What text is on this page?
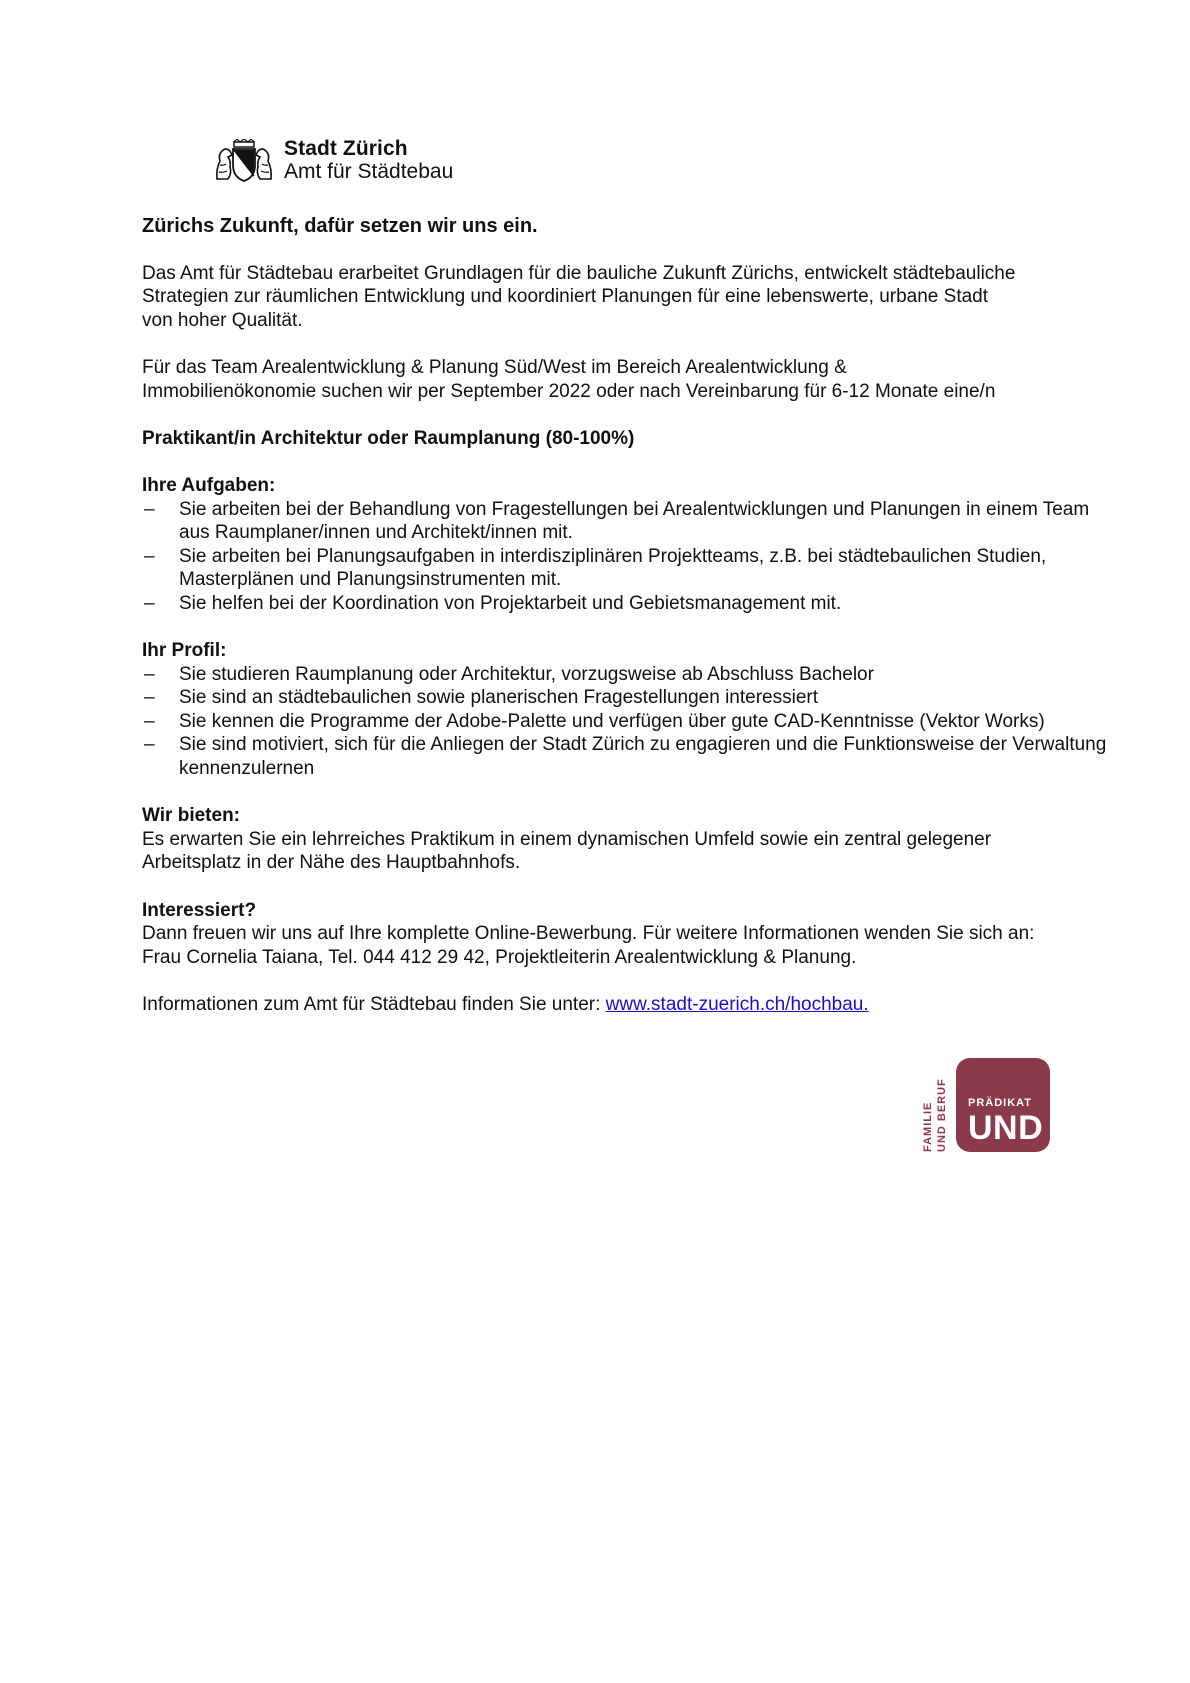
Stadt Zürich
Amt für Städtebau

Zürichs Zukunft, dafür setzen wir uns ein.

Das Amt für Städtebau erarbeitet Grundlagen für die bauliche Zukunft Zürichs, entwickelt städtebauliche

Strategien zur räumlichen Entwicklung und koordiniert Planungen für eine lebenswerte, urbane Stadt

von hoher Qualität.

Für das Team Arealentwicklung & Planung Süd/West im Bereich Arealentwicklung &

Immobilienökonomie suchen wir per September 2022 oder nach Vereinbarung für 6-12 Monate eine/n

Praktikant/in Architektur oder Raumplanung (80-100%)

Ihre Aufgaben:

– Sie arbeiten bei der Behandlung von Fragestellungen bei Arealentwicklungen und Planungen in einem Team aus Raumplaner/innen und Architekt/innen mit.
– Sie arbeiten bei Planungsaufgaben in interdisziplinären Projektteams, z.B. bei städtebaulichen Studien, Masterplänen und Planungsinstrumenten mit.
– Sie helfen bei der Koordination von Projektarbeit und Gebietsmanagement mit.

Ihr Profil:

– Sie studieren Raumplanung oder Architektur, vorzugsweise ab Abschluss Bachelor
– Sie sind an städtebaulichen sowie planerischen Fragestellungen interessiert
– Sie kennen die Programme der Adobe-Palette und verfügen über gute CAD-Kenntnisse (Vektor Works)
– Sie sind motiviert, sich für die Anliegen der Stadt Zürich zu engagieren und die Funktionsweise der Verwaltung kennenzulernen

Wir bieten:

Es erwarten Sie ein lehrreiches Praktikum in einem dynamischen Umfeld sowie ein zentral gelegener

Arbeitsplatz in der Nähe des Hauptbahnhofs.

Interessiert?

Dann freuen wir uns auf Ihre komplette Online-Bewerbung. Für weitere Informationen wenden Sie sich an:

Frau Cornelia Taiana, Tel. 044 412 29 42, Projektleiterin Arealentwicklung & Planung.

Informationen zum Amt für Städtebau finden Sie unter: www.stadt-zuerich.ch/hochbau.

FAMILIE UND BERUF PRÄDIKAT
UND
